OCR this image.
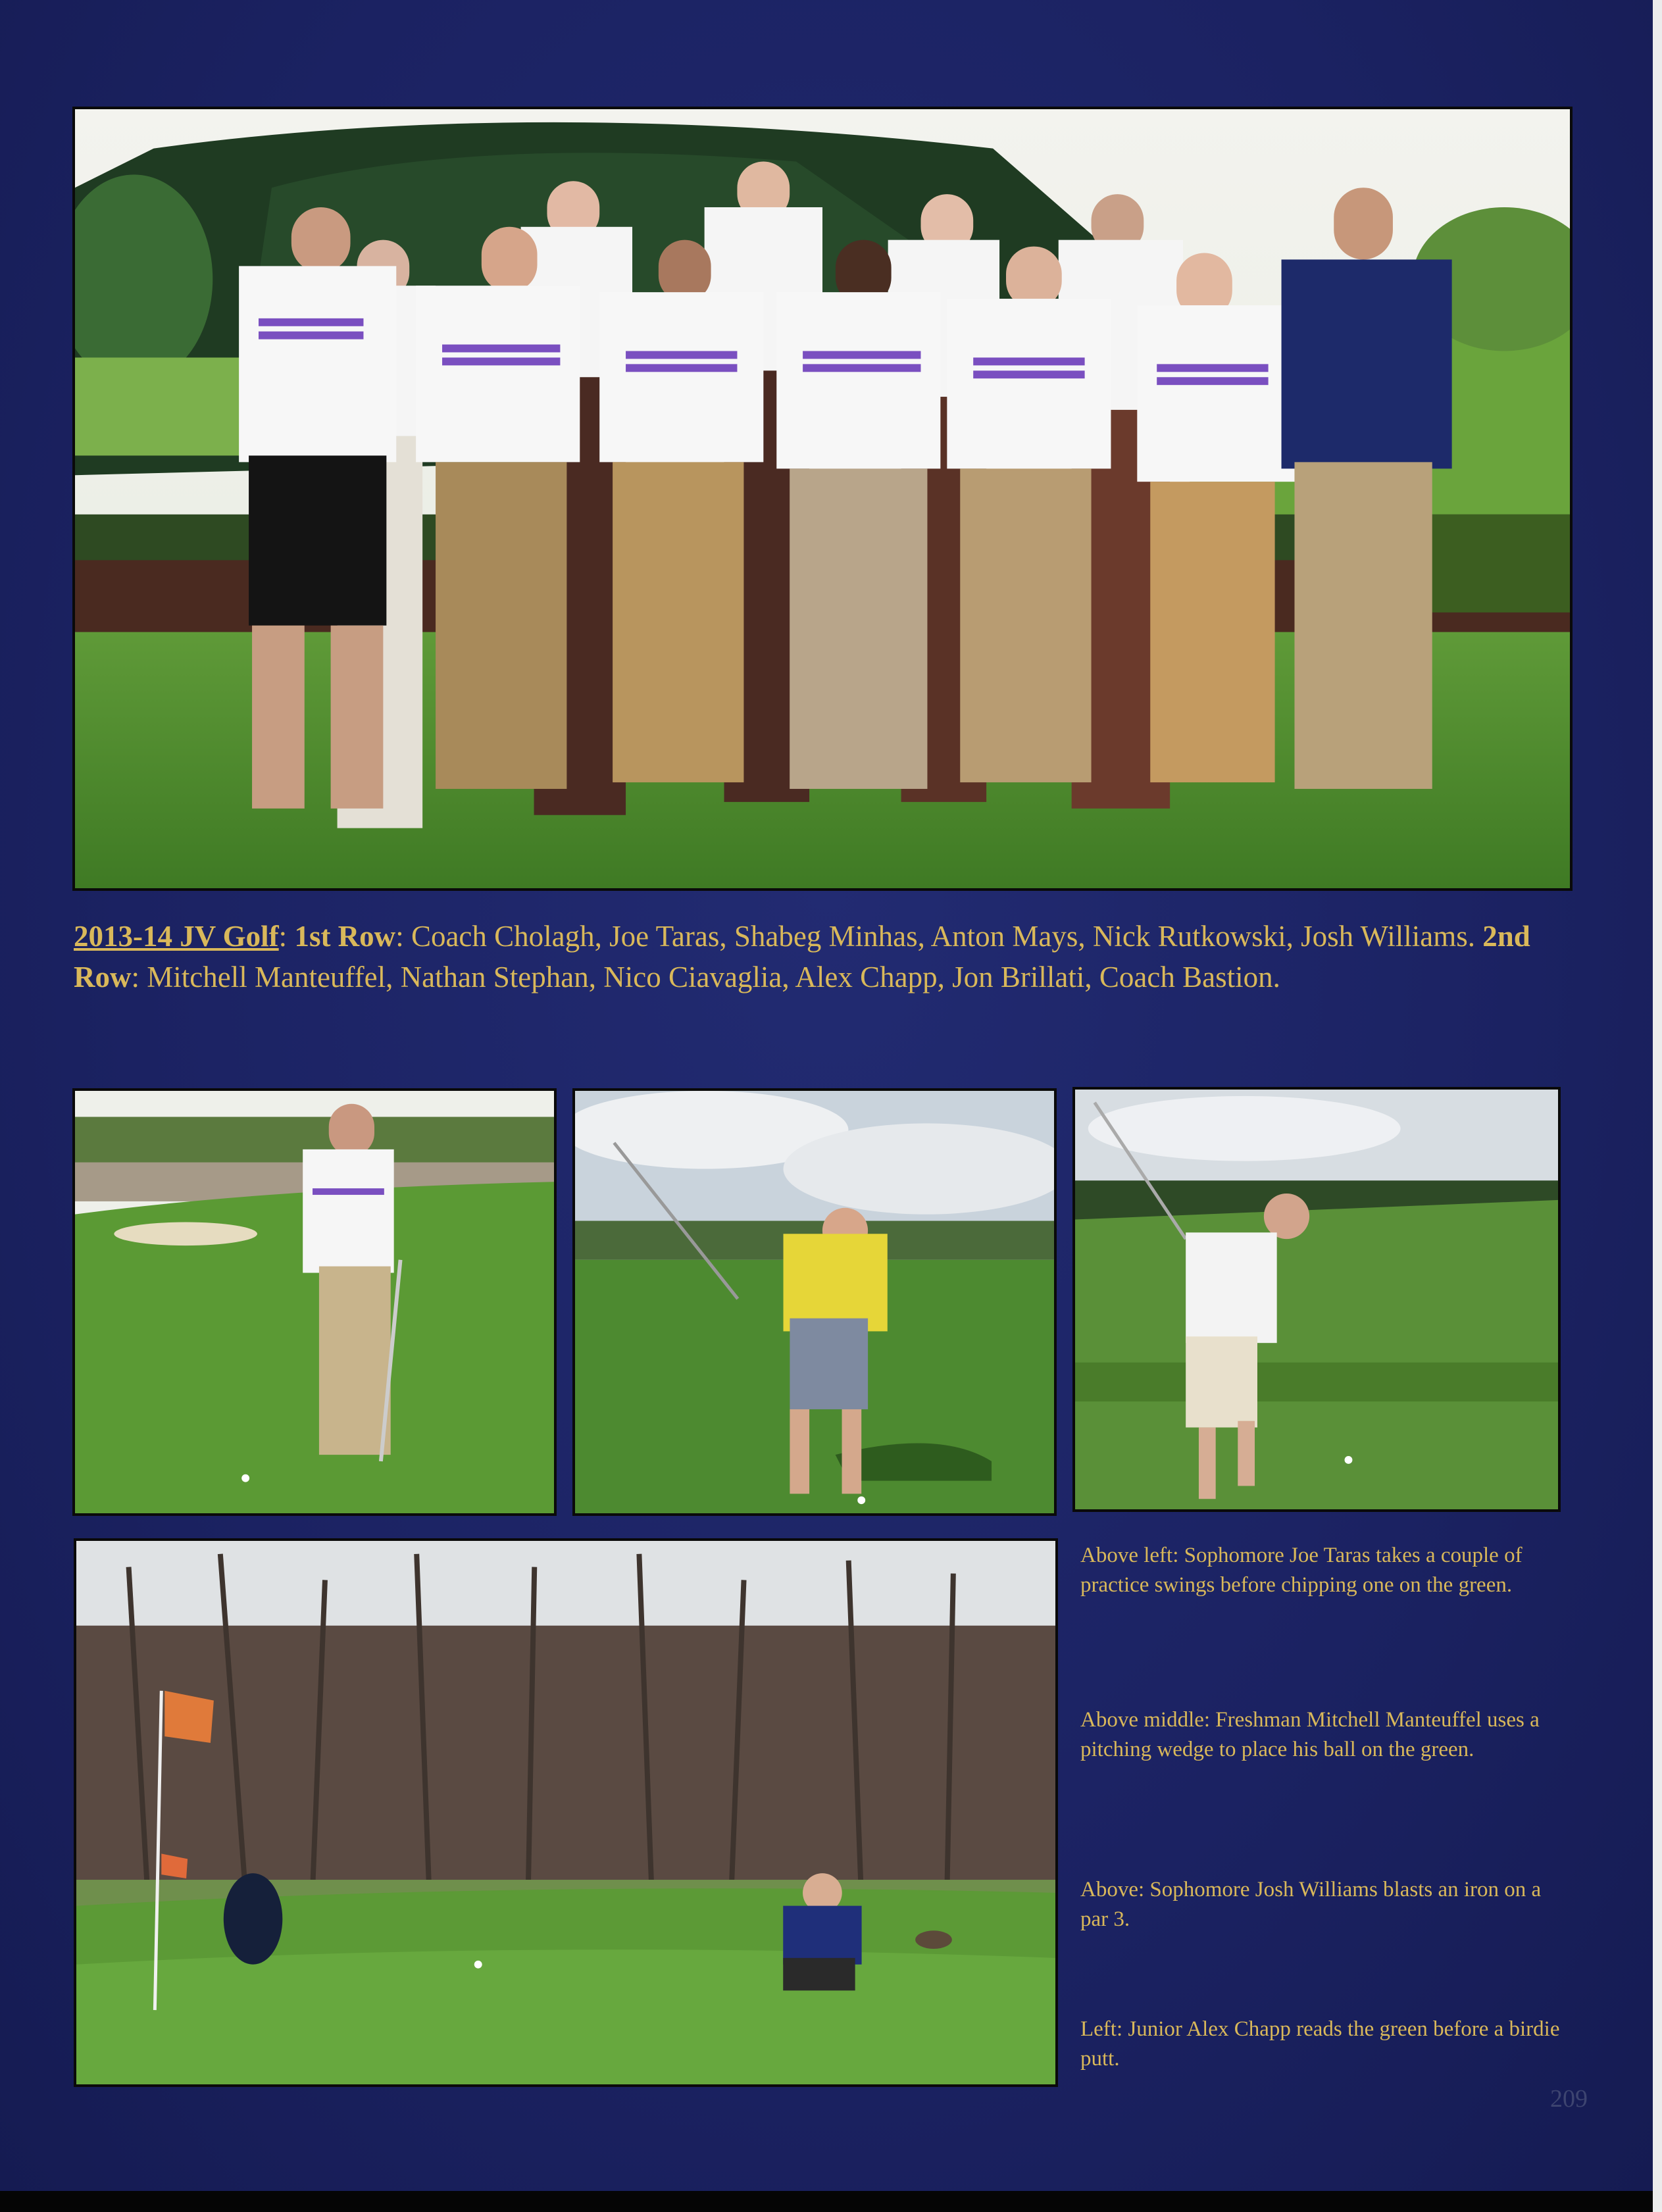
2013-14 JV Golf: 1st Row: Coach Cholagh, Joe Taras, Shabeg Minhas, Anton Mays, Nick Rutkowski, Josh Williams. 2nd Row: Mitchell Manteuffel, Nathan Stephan, Nico Ciavaglia, Alex Chapp, Jon Brillati, Coach Bastion.
Above left: Sophomore Joe Taras takes a couple of practice swings before chipping one on the green.
Above middle: Freshman Mitchell Manteuffel uses a pitching wedge to place his ball on the green.
Above: Sophomore Josh Williams blasts an iron on a par 3.
Left: Junior Alex Chapp reads the green before a birdie putt.
209
